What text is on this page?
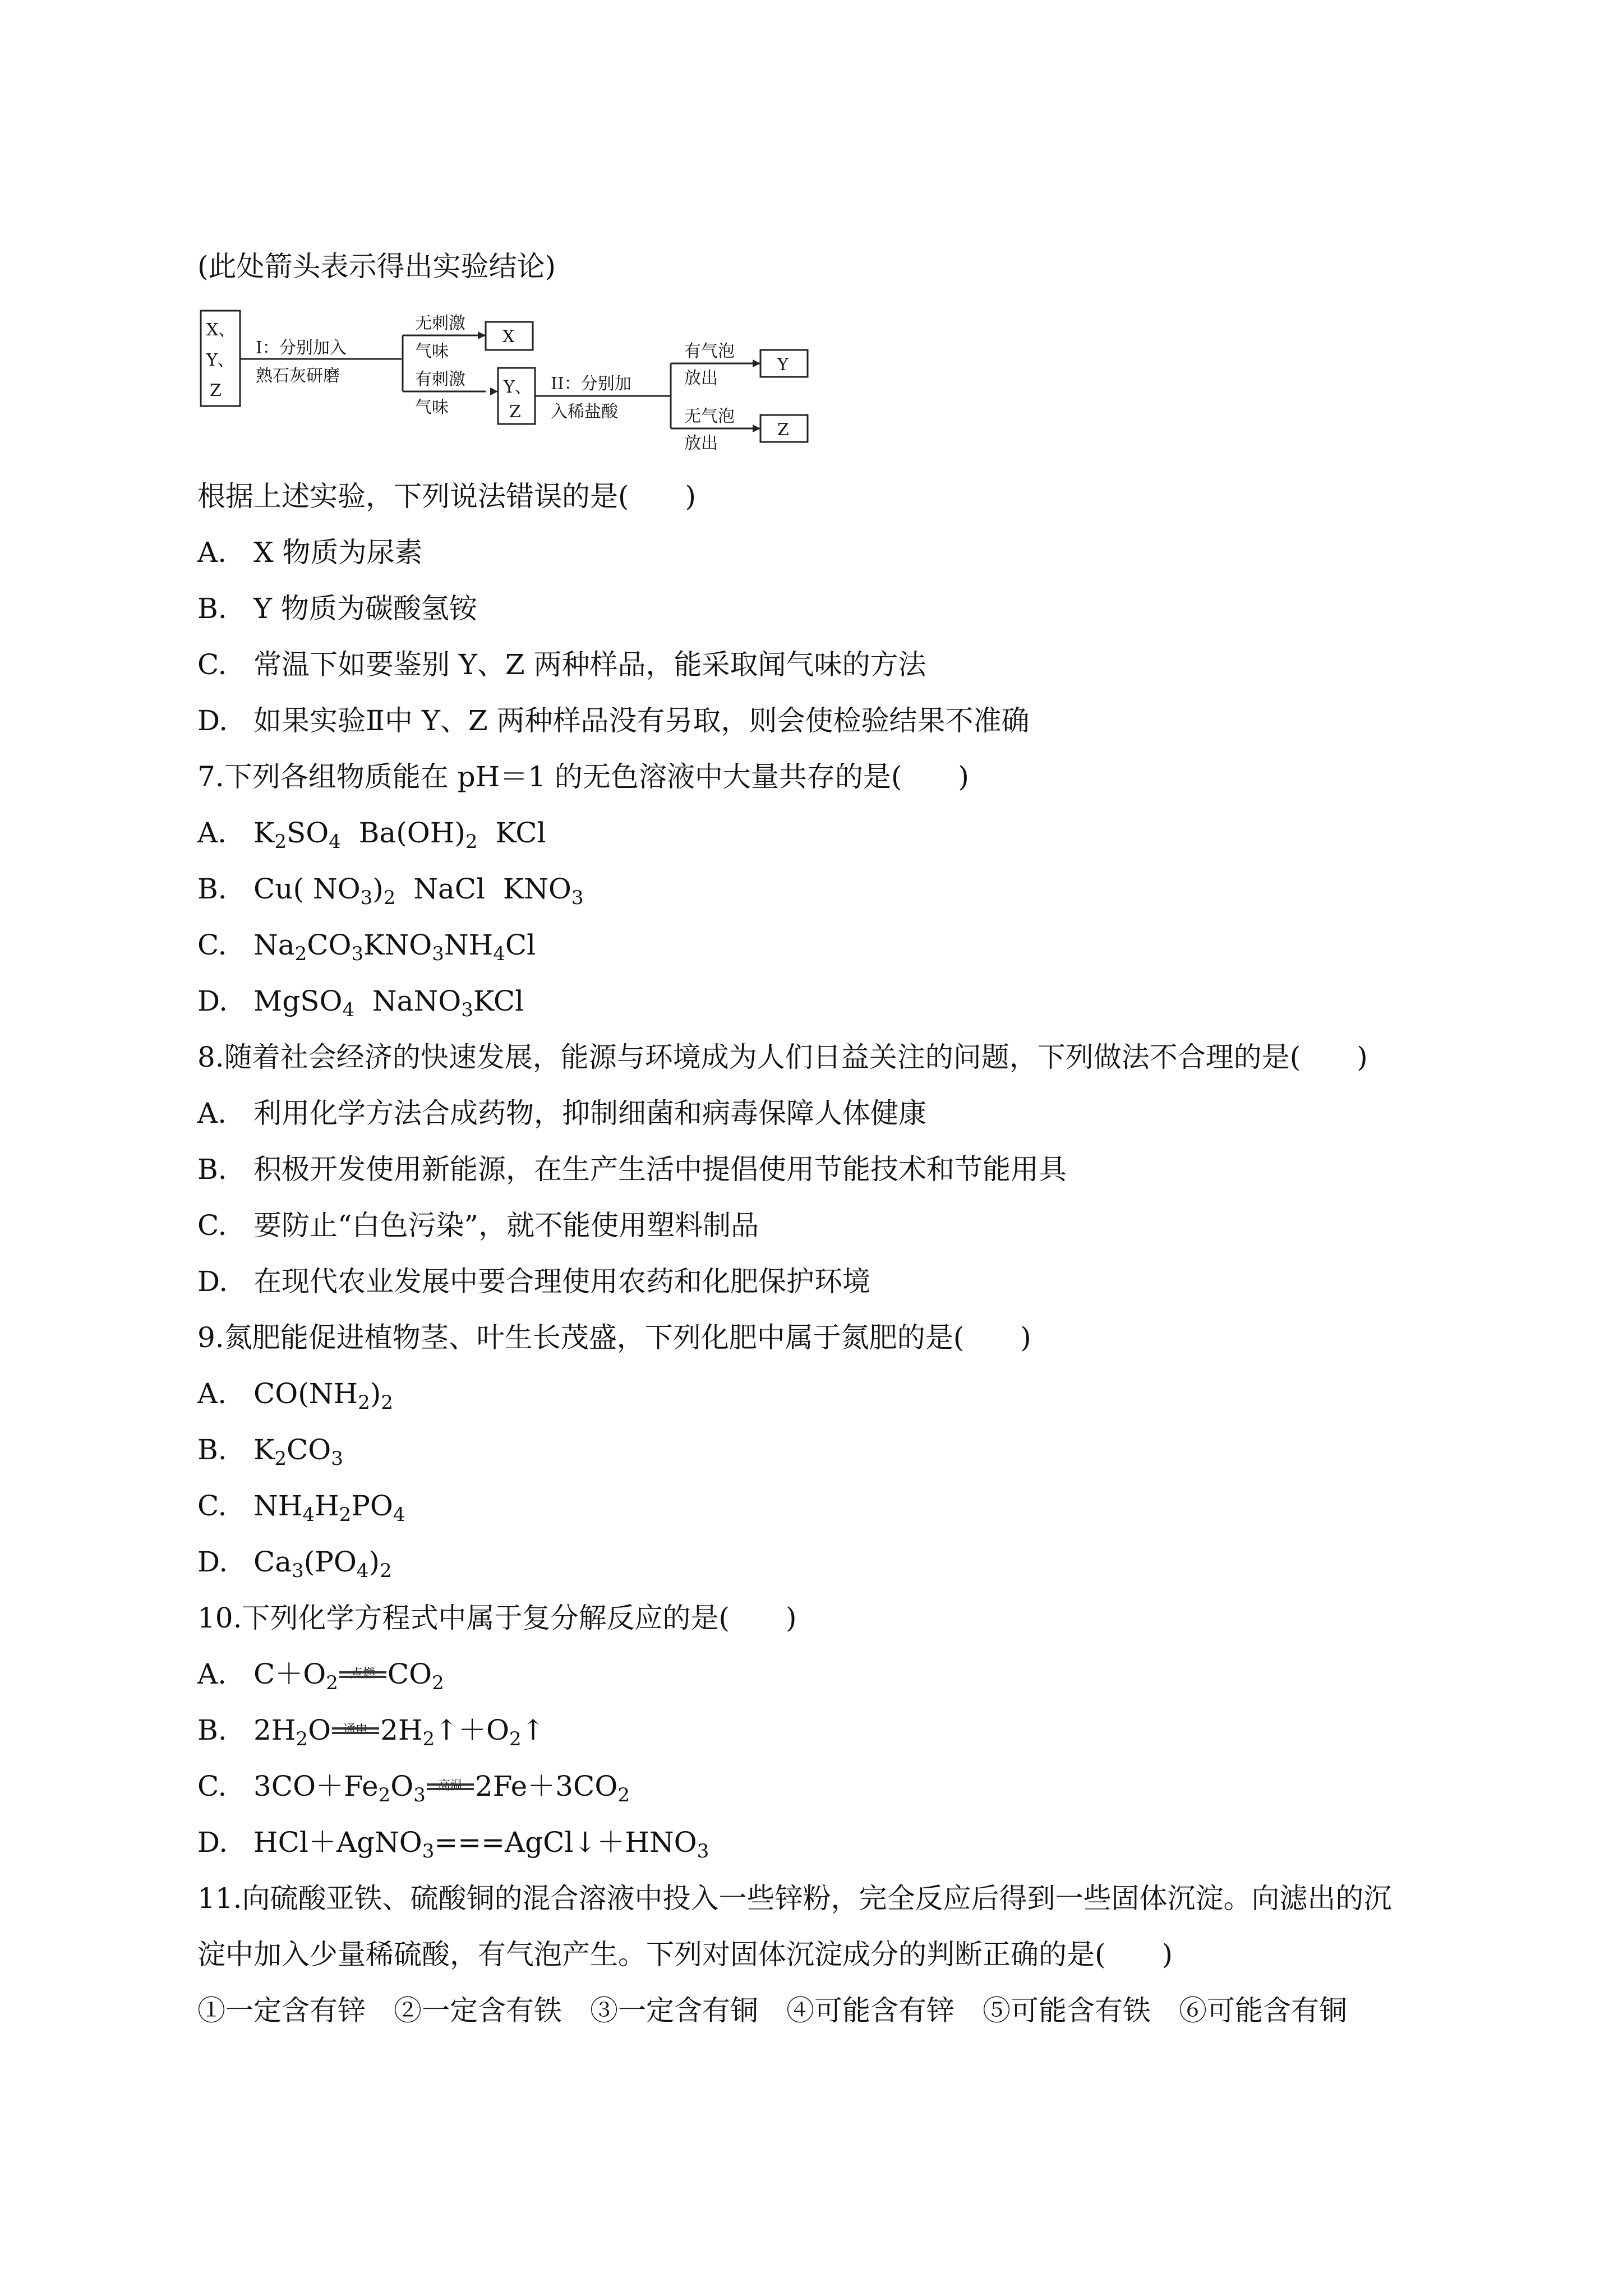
(此处箭头表示得出实验结论)
X、
Y、
Z
I：分别加入
熟石灰研磨
无刺激
气味
有刺激
气味
X
Y、
Z
II：分别加
入稀盐酸
有气泡
放出
无气泡
放出
Y
Z
根据上述实验，下列说法错误的是(　　)
A. X 物质为尿素
B. Y 物质为碳酸氢铵
C. 常温下如要鉴别 Y、Z 两种样品，能采取闻气味的方法
D. 如果实验Ⅱ中 Y、Z 两种样品没有另取，则会使检验结果不准确
7.下列各组物质能在 pH＝1 的无色溶液中大量共存的是(　　)
A. $K_2SO_4$  $Ba(OH)_2$  KCl
B. Cu( $NO_3)_2$  NaCl  $KNO_3$
C. $Na_2CO_3KNO_3NH_4Cl$
D. MgSO$_4$  NaNO$_3$KCl
8.随着社会经济的快速发展，能源与环境成为人们日益关注的问题，下列做法不合理的是(　　)
A. 利用化学方法合成药物，抑制细菌和病毒保障人体健康
B. 积极开发使用新能源，在生产生活中提倡使用节能技术和节能用具
C. 要防止“白色污染”，就不能使用塑料制品
D. 在现代农业发展中要合理使用农药和化肥保护环境
9.氮肥能促进植物茎、叶生长茂盛，下列化肥中属于氮肥的是(　　)
A. $CO(NH_2)_2$
B. $K_2CO_3$
C. $NH_4H_2PO_4$
D. $Ca_3(PO_4)_2$
10.下列化学方程式中属于复分解反应的是(　　)
A. $C+O_2$ 点燃 $CO_2$
B. $2H_2O$ 通电 $2H_2↑+O_2↑$
C. $3CO+Fe_2O_3$ 高温 $2Fe+3CO_2$
D. $HCl+AgNO_3===AgCl↓+HNO_3$
11.向硫酸亚铁、硫酸铜的混合溶液中投入一些锌粉，完全反应后得到一些固体沉淀。向滤出的沉
淀中加入少量稀硫酸，有气泡产生。下列对固体沉淀成分的判断正确的是(　　)
①一定含有锌　②一定含有铁　③一定含有铜　④可能含有锌　⑤可能含有铁　⑥可能含有铜
